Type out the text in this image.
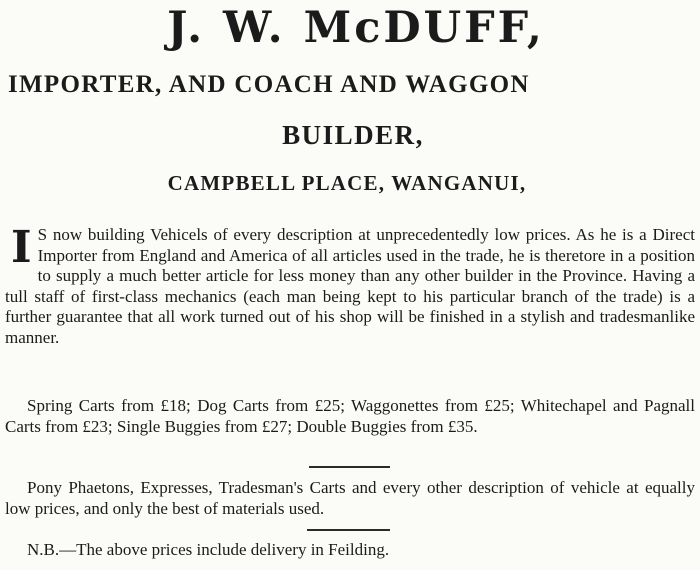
J. W. McDUFF,
IMPORTER, AND COACH AND WAGGON
BUILDER,
CAMPBELL PLACE, WANGANUI,
I S now building Vehicels of every description at unprecedentedly low prices. As he is a Direct Importer from England and America of all articles used in the trade, he is theretore in a position to supply a much better article for less money than any other builder in the Province. Having a tull staff of first-class mechanics (each man being kept to his particular branch of the trade) is a further guarantee that all work turned out of his shop will be finished in a stylish and tradesmanlike manner.
Spring Carts from £18; Dog Carts from £25; Waggonettes from £25; Whitechapel and Pagnall Carts from £23; Single Buggies from £27; Double Buggies from £35.
Pony Phaetons, Expresses, Tradesman's Carts and every other description of vehicle at equally low prices, and only the best of materials used.
N.B.—The above prices include delivery in Feilding.
